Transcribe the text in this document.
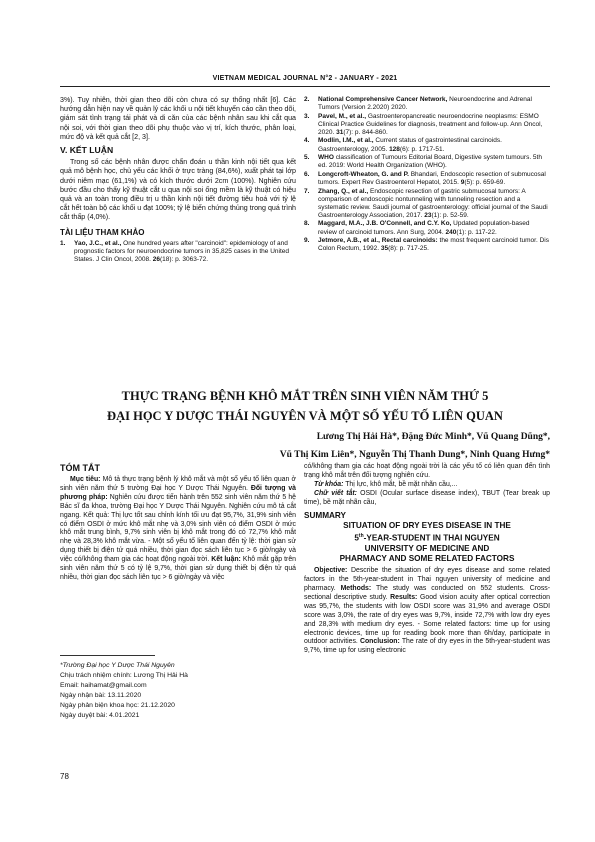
VIETNAM MEDICAL JOURNAL N°2 - JANUARY - 2021

3%). Tuy nhiên, thời gian theo dõi còn chưa có sự thống nhất [6]. Các hướng dẫn hiện nay về quản lý các khối u nội tiết khuyến cáo cần theo dõi, giám sát tình trạng tái phát và di căn của các bệnh nhân sau khi cắt qua nội soi, với thời gian theo dõi phụ thuộc vào vị trí, kích thước, phân loại, mức độ và kết quả cắt [2, 3].

V. KẾT LUẬN

Trong số các bệnh nhân được chẩn đoán u thần kinh nội tiết qua kết quả mô bệnh học, chủ yếu các khối ở trực tràng (84,6%), xuất phát tại lớp dưới niêm mạc (61,1%) và có kích thước dưới 2cm (100%). Nghiên cứu bước đầu cho thấy kỹ thuật cắt u qua nội soi ống mềm là kỹ thuật có hiệu quả và an toàn trong điều trị u thần kinh nội tiết đường tiêu hoá với tỷ lệ cắt hết toàn bộ các khối u đạt 100%; tỷ lệ biến chứng thủng trong quá trình cắt thấp (4,0%).

TÀI LIỆU THAM KHẢO
1. Yao, J.C., et al., One hundred years after "carcinoid": epidemiology of and prognostic factors for neuroendocrine tumors in 35,825 cases in the United States. J Clin Oncol, 2008. 26(18): p. 3063-72.
2. National Comprehensive Cancer Network, Neuroendocrine and Adrenal Tumors (Version 2.2020) 2020.
3. Pavel, M., et al., Gastroenteropancreatic neuroendocrine neoplasms: ESMO Clinical Practice Guidelines for diagnosis, treatment and follow-up. Ann Oncol, 2020. 31(7): p. 844-860.
4. Modlin, I.M., et al., Current status of gastrointestinal carcinoids. Gastroenterology, 2005. 128(6): p. 1717-51.
5. WHO classification of Tumours Editorial Board, Digestive system tumours. 5th ed. 2019: World Health Organization (WHO).
6. Longcroft-Wheaton, G. and P. Bhandari, Endoscopic resection of submucosal tumors. Expert Rev Gastroenterol Hepatol, 2015. 9(5): p. 659-69.
7. Zhang, Q., et al., Endoscopic resection of gastric submucosal tumors: A comparison of endoscopic nontunneling with tunneling resection and a systematic review. Saudi journal of gastroenterology: official journal of the Saudi Gastroenterology Association, 2017. 23(1): p. 52-59.
8. Maggard, M.A., J.B. O'Connell, and C.Y. Ko, Updated population-based review of carcinoid tumors. Ann Surg, 2004. 240(1): p. 117-22.
9. Jetmore, A.B., et al., Rectal carcinoids: the most frequent carcinoid tumor. Dis Colon Rectum, 1992. 35(8): p. 717-25.
THỰC TRẠNG BỆNH KHÔ MẮT TRÊN SINH VIÊN NĂM THỨ 5
ĐẠI HỌC Y DƯỢC THÁI NGUYÊN VÀ MỘT SỐ YẾU TỐ LIÊN QUAN
Lương Thị Hải Hà*, Đặng Đức Minh*, Vũ Quang Dũng*,
Vũ Thị Kim Liên*, Nguyễn Thị Thanh Dung*, Ninh Quang Hưng*
TÓM TẮT

Mục tiêu: Mô tả thực trạng bệnh lý khô mắt và một số yếu tố liên quan ở sinh viên năm thứ 5 trường Đại học Y Dược Thái Nguyên. Đối tượng và phương pháp: Nghiên cứu được tiến hành trên 552 sinh viên năm thứ 5 hệ Bác sĩ đa khoa, trường Đại học Y Dược Thái Nguyên. Nghiên cứu mô tả cắt ngang. Kết quả: Thị lực tốt sau chỉnh kính tối ưu đạt 95,7%, 31,9% sinh viên có điểm OSDI ở mức khô mắt nhẹ và 3,0% sinh viên có điểm OSDI ở mức khô mắt trung bình, 9,7% sinh viên bị khô mắt trong đó có 72,7% khô mắt nhẹ và 28,3% khô mắt vừa. - Một số yếu tố liên quan đến tỷ lệ: thời gian sử dụng thiết bị điện tử quá nhiều, thời gian đọc sách liên tục > 6 giờ/ngày và việc có/không tham gia các hoạt động ngoài trời. Kết luận: Khô mắt gặp trên sinh viên năm thứ 5 có tỷ lệ 9,7%, thời gian sử dụng thiết bị điện tử quá nhiều, thời gian đọc sách liên tục > 6 giờ/ngày và việc

có/không tham gia các hoạt động ngoài trời là các yếu tố có liên quan đến tình trạng khô mắt trên đối tượng nghiên cứu.

Từ khóa: Thị lực, khô mắt, bề mặt nhãn cầu,...

Chữ viết tắt: OSDI (Ocular surface disease index), TBUT (Tear break up time), bề mặt nhãn cầu,

SUMMARY
SITUATION OF DRY EYES DISEASE IN THE
5th-YEAR-STUDENT IN THAI NGUYEN
UNIVERSITY OF MEDICINE AND
PHARMACY AND SOME RELATED FACTORS

Objective: Describe the situation of dry eyes disease and some related factors in the 5th-year-student in Thai nguyen university of medicine and pharmacy. Methods: The study was conducted on 552 students. Cross-sectional descriptive study. Results: Good vision acuity after optical correction was 95,7%, the students with low OSDI score was 31,9% and average OSDI score was 3,0%, the rate of dry eyes was 9,7%, inside 72,7% with low dry eyes and 28,3% with medium dry eyes. - Some related factors: time up for using electronic devices, time up for reading book more than 6h/day, participate in outdoor activities. Conclusion: The rate of dry eyes in the 5th-year-student was 9,7%, time up for using electronic

*Trường Đại học Y Dược Thái Nguyên
Chịu trách nhiệm chính: Lương Thị Hải Hà
Email: haihamat@gmail.com
Ngày nhận bài: 13.11.2020
Ngày phản biện khoa học: 21.12.2020
Ngày duyệt bài: 4.01.2021
78
